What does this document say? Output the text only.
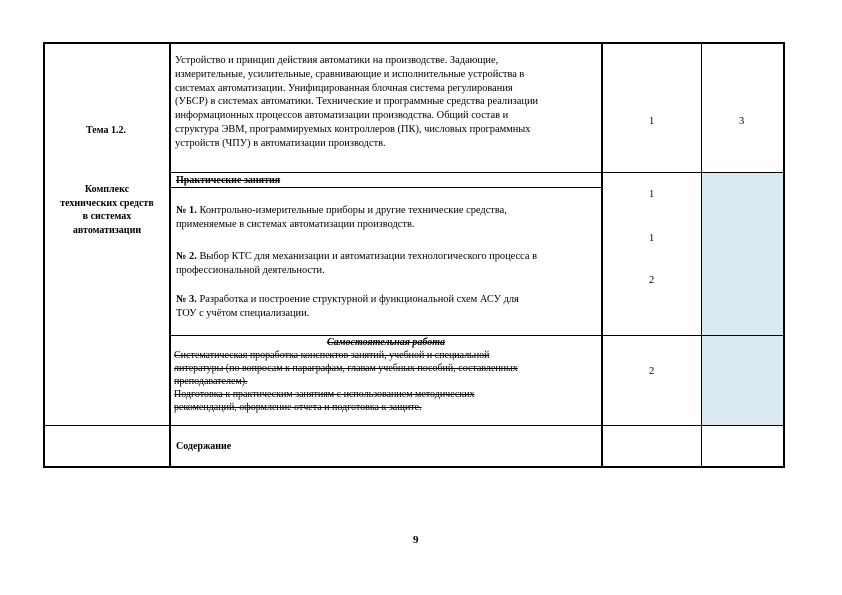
Тема 1.2.
Комплекс
технических средств
в системах
автоматизации
Устройство и принцип действия автоматики на производстве. Задающие,
измерительные, усилительные, сравнивающие и исполнительные устройства в
системах автоматизации. Унифицированная блочная система регулирования
(УБСР) в системах автоматики. Технические и программные средства реализации
информационных процессов автоматизации производства. Общий состав и
структура ЭВМ, программируемых контроллеров (ПК), числовых программных
устройств (ЧПУ) в автоматизации производств.
1	3
Практические занятия
№ 1. Контрольно-измерительные приборы и другие технические средства,
применяемые в системах автоматизации производств.
№ 2. Выбор КТС для механизации и автоматизации технологического процесса в
профессиональной деятельности.
№ 3. Разработка и построение структурной и функциональной схем АСУ для
ТОУ с учётом специализации.
1
1
2
Самостоятельная работа
Систематическая проработка конспектов занятий, учебной и специальной
литературы (по вопросам к параграфам, главам учебных пособий, составленных
преподавателем).
Подготовка к практическим занятиям с использованием методических
рекомендаций, оформление отчета и подготовка к защите.
2
Содержание
9
